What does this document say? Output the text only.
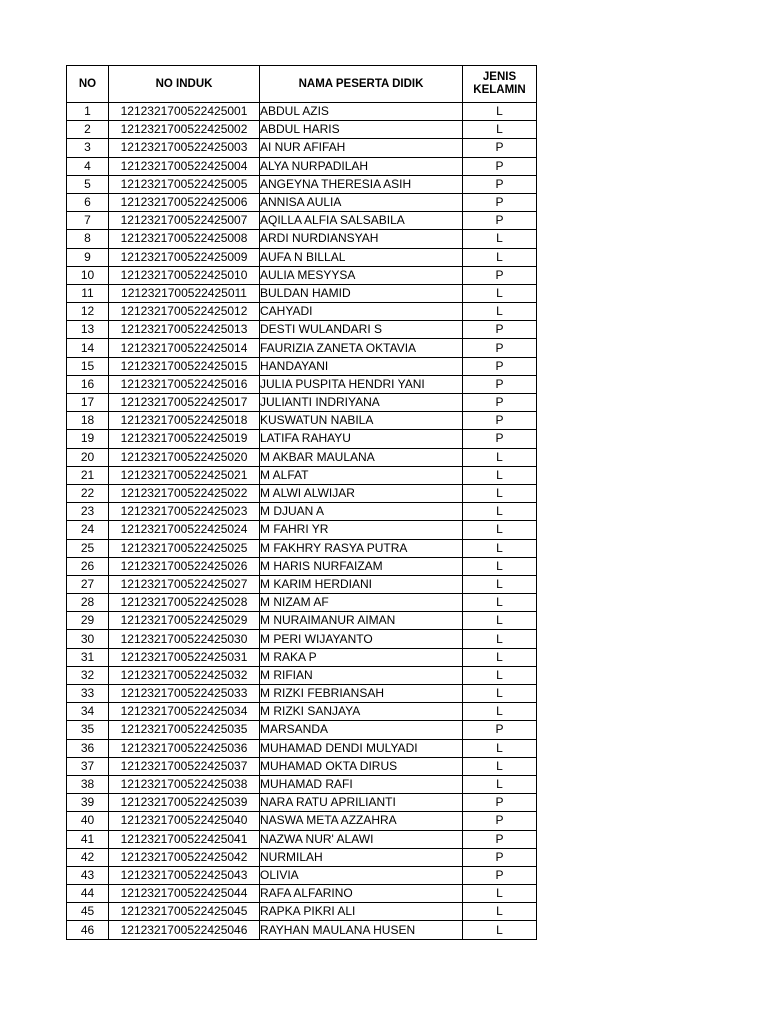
NO	NO INDUK	NAMA PESERTA DIDIK	JENIS
KELAMIN
1	1212321700522425001	ABDUL AZIS	L
2	1212321700522425002	ABDUL HARIS	L
3	1212321700522425003	AI NUR AFIFAH	P
4	1212321700522425004	ALYA NURPADILAH	P
5	1212321700522425005	ANGEYNA THERESIA ASIH	P
6	1212321700522425006	ANNISA AULIA	P
7	1212321700522425007	AQILLA ALFIA SALSABILA	P
8	1212321700522425008	ARDI NURDIANSYAH	L
9	1212321700522425009	AUFA N BILLAL	L
10	1212321700522425010	AULIA MESYYSA	P
11	1212321700522425011	BULDAN HAMID	L
12	1212321700522425012	CAHYADI	L
13	1212321700522425013	DESTI WULANDARI S	P
14	1212321700522425014	FAURIZIA ZANETA OKTAVIA	P
15	1212321700522425015	HANDAYANI	P
16	1212321700522425016	JULIA PUSPITA HENDRI YANI	P
17	1212321700522425017	JULIANTI INDRIYANA	P
18	1212321700522425018	KUSWATUN NABILA	P
19	1212321700522425019	LATIFA RAHAYU	P
20	1212321700522425020	M AKBAR MAULANA	L
21	1212321700522425021	M ALFAT	L
22	1212321700522425022	M ALWI ALWIJAR	L
23	1212321700522425023	M DJUAN A	L
24	1212321700522425024	M FAHRI YR	L
25	1212321700522425025	M FAKHRY RASYA PUTRA	L
26	1212321700522425026	M HARIS NURFAIZAM	L
27	1212321700522425027	M KARIM HERDIANI	L
28	1212321700522425028	M NIZAM AF	L
29	1212321700522425029	M NURAIMANUR AIMAN	L
30	1212321700522425030	M PERI WIJAYANTO	L
31	1212321700522425031	M RAKA P	L
32	1212321700522425032	M RIFIAN	L
33	1212321700522425033	M RIZKI FEBRIANSAH	L
34	1212321700522425034	M RIZKI SANJAYA	L
35	1212321700522425035	MARSANDA	P
36	1212321700522425036	MUHAMAD DENDI MULYADI	L
37	1212321700522425037	MUHAMAD OKTA DIRUS	L
38	1212321700522425038	MUHAMAD RAFI	L
39	1212321700522425039	NARA RATU APRILIANTI	P
40	1212321700522425040	NASWA META AZZAHRA	P
41	1212321700522425041	NAZWA NUR' ALAWI	P
42	1212321700522425042	NURMILAH	P
43	1212321700522425043	OLIVIA	P
44	1212321700522425044	RAFA ALFARINO	L
45	1212321700522425045	RAPKA PIKRI ALI	L
46	1212321700522425046	RAYHAN MAULANA HUSEN	L
